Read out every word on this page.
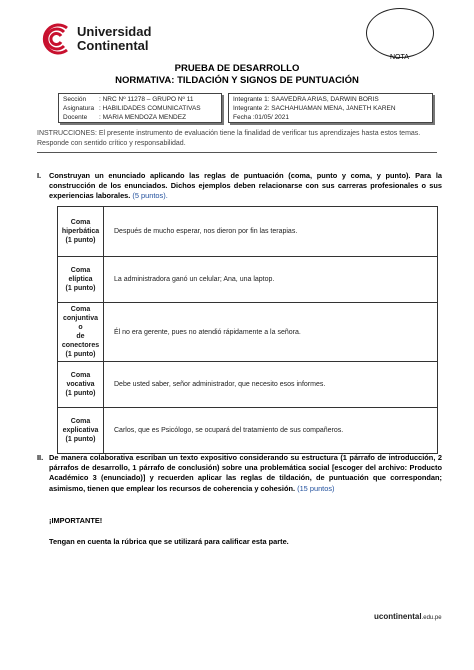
Universidad
Continental
NOTA
PRUEBA DE DESARROLLO
NORMATIVA: TILDACIÓN Y SIGNOS DE PUNTUACIÓN
Sección	: NRC Nº 11278 – GRUPO Nº 11
Asignatura : HABILIDADES COMUNICATIVAS
Docente	: MARIA MENDOZA MENDEZ
Integrante 1: SAAVEDRA ARIAS, DARWIN BORIS
Integrante 2: SACHAHUAMAN MENA, JANETH KAREN
Fecha :01/05/ 2021
INSTRUCCIONES: El presente instrumento de evaluación tiene la finalidad de verificar tus aprendizajes hasta estos temas. Responde con sentido crítico y responsabilidad.
I. Construyan un enunciado aplicando las reglas de puntuación (coma, punto y coma, y punto). Para la construcción de los enunciados. Dichos ejemplos deben relacionarse con sus carreras profesionales o sus experiencias laborales. (5 puntos).
Coma
hiperbática
(1 punto)	Después de mucho esperar, nos dieron por fin las terapias.

Coma
elíptica
(1 punto)	La administradora ganó un celular; Ana, una laptop.

Coma
conjuntiva o
de
conectores
(1 punto)	Él no era gerente, pues no atendió rápidamente a la señora.

Coma
vocativa
(1 punto)	Debe usted saber, señor administrador, que necesito esos informes.

Coma
explicativa
(1 punto)	Carlos, que es Psicólogo, se ocupará del tratamiento de sus compañeros.
II. De manera colaborativa escriban un texto expositivo considerando su estructura (1 párrafo de introducción, 2 párrafos de desarrollo, 1 párrafo de conclusión) sobre una problemática social [escoger del archivo: Producto Académico 3 (enunciado)] y recuerden aplicar las reglas de tildación, de puntuación que correspondan; asimismo, tienen que emplear los recursos de coherencia y cohesión. (15 puntos)
¡IMPORTANTE!
Tengan en cuenta la rúbrica que se utilizará para calificar esta parte.
ucontinental.edu.pe
